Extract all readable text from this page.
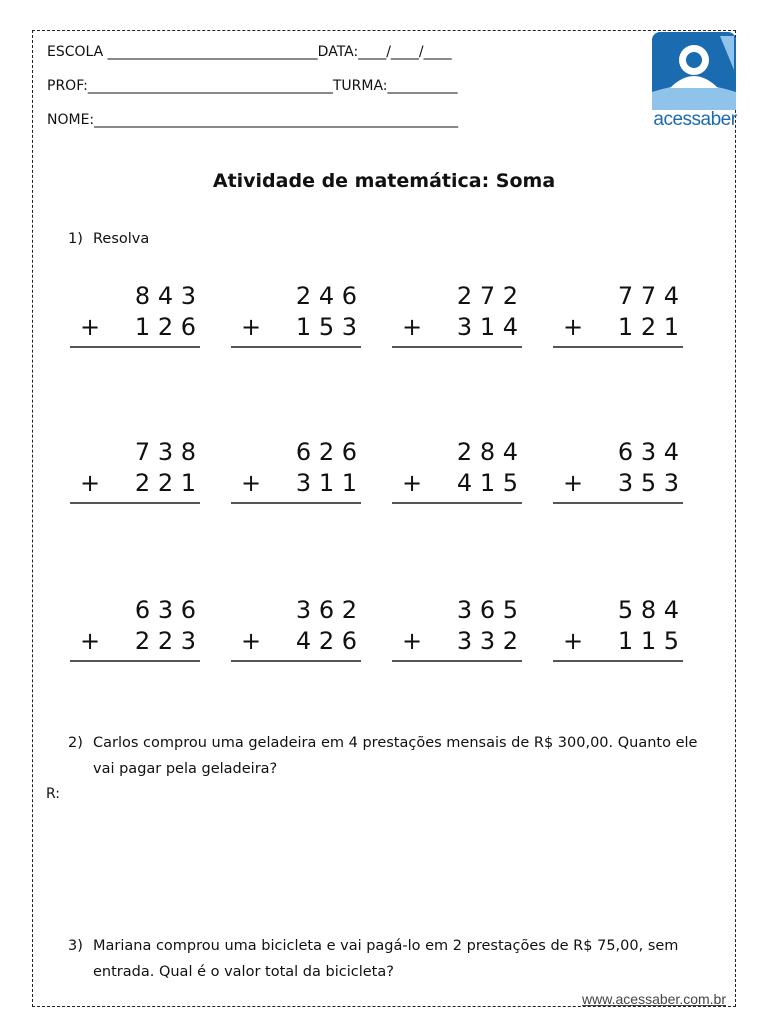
ESCOLA ______________________________DATA:____/____/____
PROF:___________________________________TURMA:__________
NOME:____________________________________________________	acessaber
Atividade de matemática: Soma
1) Resolva
8 4 3
+ 1 2 6
2 4 6
+ 1 5 3
2 7 2
+ 3 1 4
7 7 4
+ 1 2 1
7 3 8
+ 2 2 1
6 2 6
+ 3 1 1
2 8 4
+ 4 1 5
6 3 4
+ 3 5 3
6 3 6
+ 2 2 3
3 6 2
+ 4 2 6
3 6 5
+ 3 3 2
5 8 4
+ 1 1 5
2) Carlos comprou uma geladeira em 4 prestações mensais de R$ 300,00. Quanto ele vai pagar pela geladeira?
R:
3) Mariana comprou uma bicicleta e vai pagá-lo em 2 prestações de R$ 75,00, sem entrada. Qual é o valor total da bicicleta?
www.acessaber.com.br
